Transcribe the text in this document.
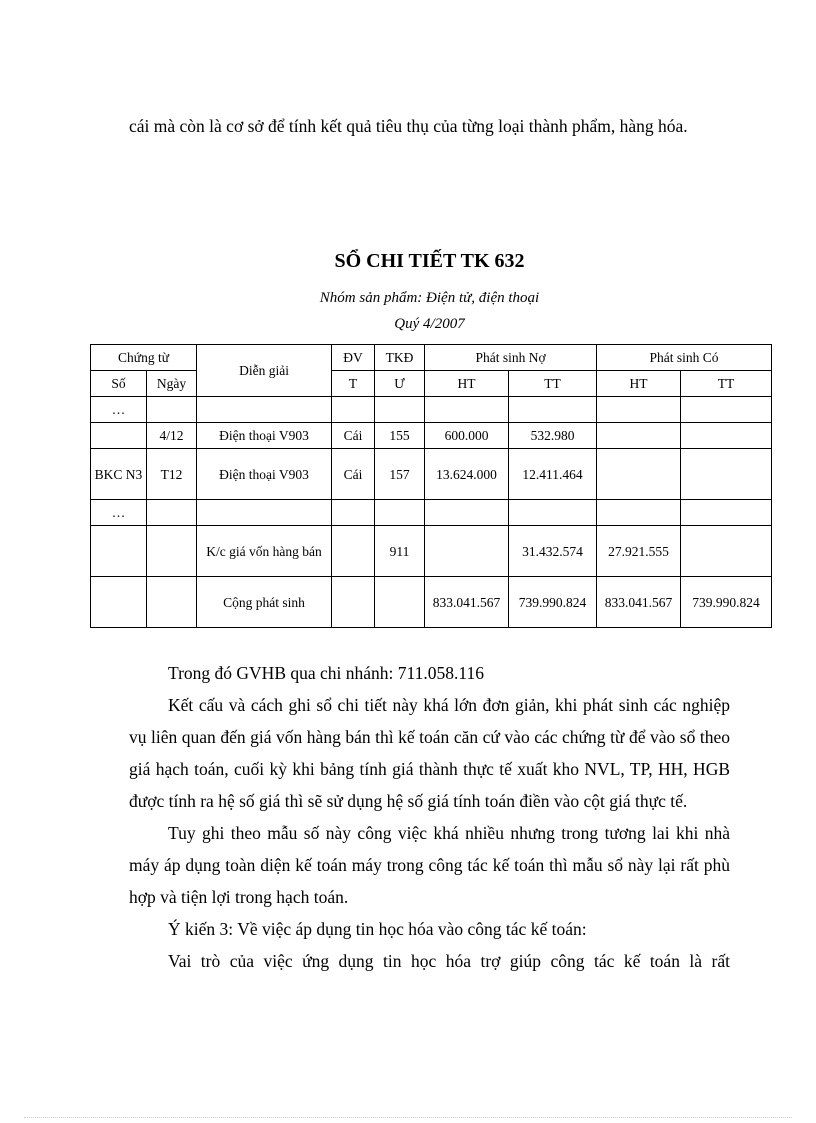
cái mà còn là cơ sở để tính kết quả tiêu thụ của từng loại thành phẩm, hàng hóa.

SỔ CHI TIẾT TK 632
Nhóm sản phẩm: Điện tử, điện thoại
Quý 4/2007
Chứng từ		Diễn giải	ĐV	TKĐ	Phát sinh Nợ		Phát sinh Có	
Số	Ngày		T	Ư	HT	TT	HT	TT
…								
	4/12	Điện thoại V903	Cái	155	600.000	532.980		
BKC N3	T12	Điện thoại V903	Cái	157	13.624.000	12.411.464		
…								
		K/c giá vốn hàng bán		911		31.432.574	27.921.555	
		Cộng phát sinh			833.041.567	739.990.824	833.041.567	739.990.824

Trong đó GVHB qua chi nhánh: 711.058.116

Kết cấu và cách ghi sổ chi tiết này khá lớn đơn giản, khi phát sinh các nghiệp vụ liên quan đến giá vốn hàng bán thì kế toán căn cứ vào các chứng từ để vào sổ theo giá hạch toán, cuối kỳ khi bảng tính giá thành thực tế xuất kho NVL, TP, HH, HGB được tính ra hệ số giá thì sẽ sử dụng hệ số giá tính toán điền vào cột giá thực tế.

Tuy ghi theo mẫu số này công việc khá nhiều nhưng trong tương lai khi nhà máy áp dụng toàn diện kế toán máy trong công tác kế toán thì mẫu sổ này lại rất phù hợp và tiện lợi trong hạch toán.

Ý kiến 3: Về việc áp dụng tin học hóa vào công tác kế toán:

Vai trò của việc ứng dụng tin học hóa trợ giúp công tác kế toán là rất
